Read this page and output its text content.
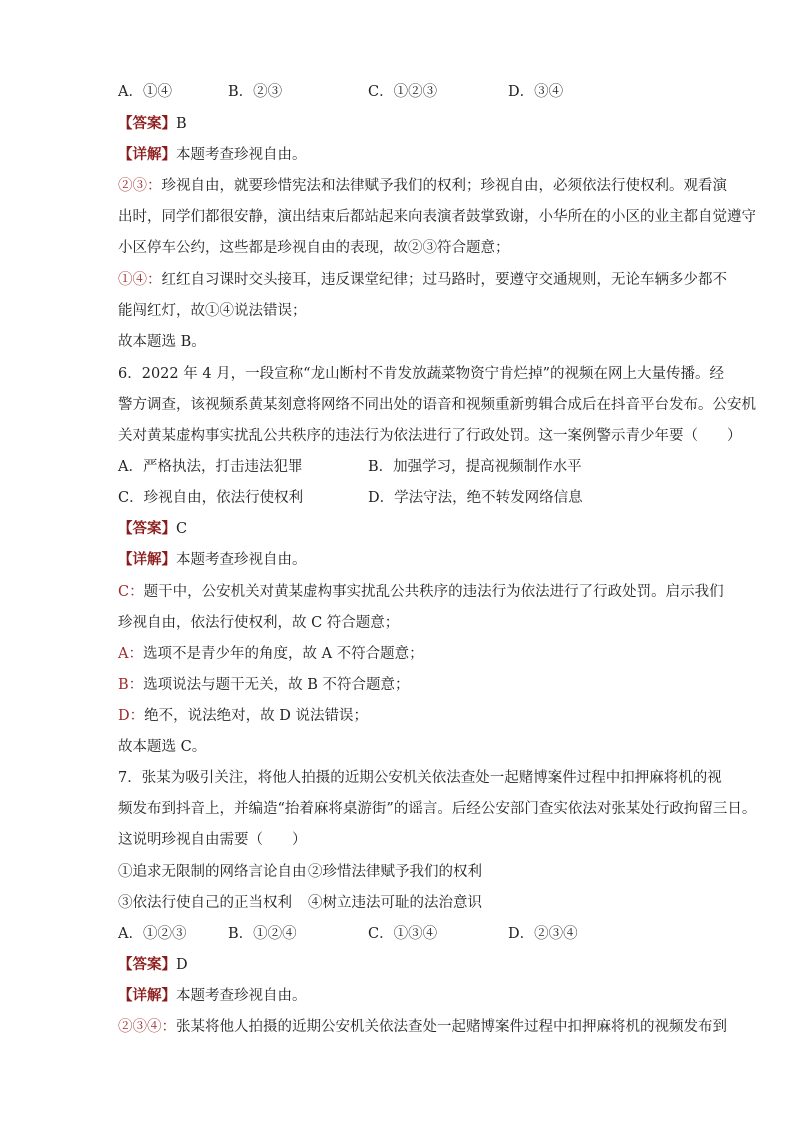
A．①④	B．②③	C．①②③	D．③④
【答案】B
【详解】本题考查珍视自由。
②③：珍视自由，就要珍惜宪法和法律赋予我们的权利；珍视自由，必须依法行使权利。观看演
出时，同学们都很安静，演出结束后都站起来向表演者鼓掌致谢，小华所在的小区的业主都自觉遵守
小区停车公约，这些都是珍视自由的表现，故②③符合题意；
①④：红红自习课时交头接耳，违反课堂纪律；过马路时，要遵守交通规则，无论车辆多少都不
能闯红灯，故①④说法错误；
故本题选 B。
6．2022 年 4 月，一段宣称“龙山断村不肯发放蔬菜物资宁肯烂掉”的视频在网上大量传播。经
警方调查，该视频系黄某刻意将网络不同出处的语音和视频重新剪辑合成后在抖音平台发布。公安机
关对黄某虚构事实扰乱公共秩序的违法行为依法进行了行政处罚。这一案例警示青少年要（　　）
A．严格执法，打击违法犯罪	B．加强学习，提高视频制作水平
C．珍视自由，依法行使权利	D．学法守法，绝不转发网络信息
【答案】C
【详解】本题考查珍视自由。
C：题干中，公安机关对黄某虚构事实扰乱公共秩序的违法行为依法进行了行政处罚。启示我们
珍视自由，依法行使权利，故 C 符合题意；
A：选项不是青少年的角度，故 A 不符合题意；
B：选项说法与题干无关，故 B 不符合题意；
D：绝不，说法绝对，故 D 说法错误；
故本题选 C。
7．张某为吸引关注，将他人拍摄的近期公安机关依法查处一起赌博案件过程中扣押麻将机的视
频发布到抖音上，并编造“抬着麻将桌游街”的谣言。后经公安部门查实依法对张某处行政拘留三日。
这说明珍视自由需要（　　）
①追求无限制的网络言论自由 ②珍惜法律赋予我们的权利
③依法行使自己的正当权利 ④树立违法可耻的法治意识
A．①②③	B．①②④	C．①③④	D．②③④
【答案】D
【详解】本题考查珍视自由。
②③④：张某将他人拍摄的近期公安机关依法查处一起赌博案件过程中扣押麻将机的视频发布到
